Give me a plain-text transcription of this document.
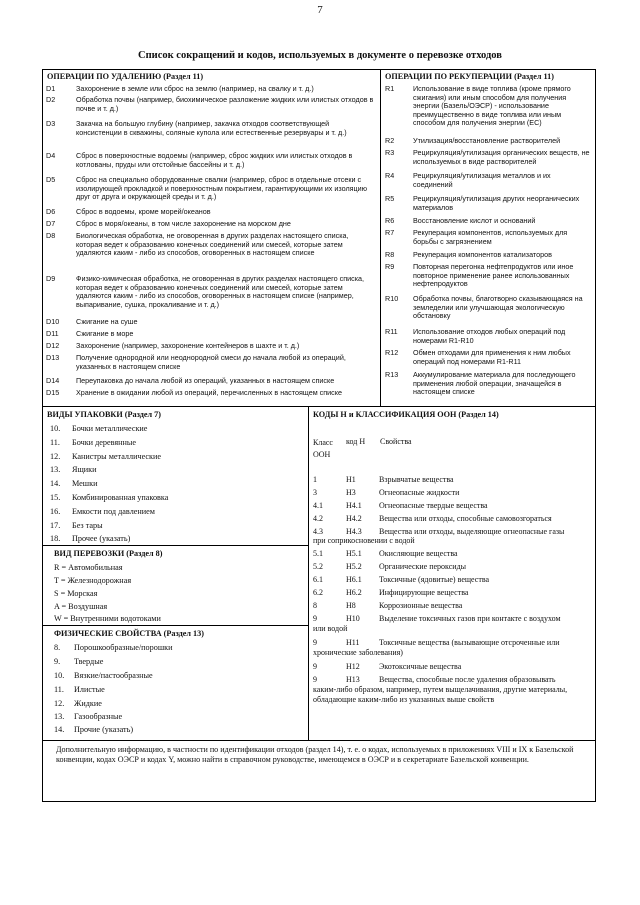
7
Список сокращений и кодов, используемых в документе о перевозке отходов
ОПЕРАЦИИ ПО УДАЛЕНИЮ (Раздел 11)
D1	Захоронение в земле или сброс на землю (например, на свалку и т. д.)
D2	Обработка почвы (например, биохимическое разложение жидких или илистых отходов в почве и т. д.)
D3	Закачка на большую глубину (например, закачка отходов соответствующей консистенции в скважины, соляные купола или естественные резервуары и т. д.)
D4	Сброс в поверхностные водоемы (например, сброс жидких или илистых отходов в котлованы, пруды или отстойные бассейны и т. д.)
D5	Сброс на специально оборудованные свалки (например, сброс в отдельные отсеки с изолирующей прокладкой и поверхностным покрытием, гарантирующими их изоляцию друг от друга и окружающей среды и т. д.)
D6	Сброс в водоемы, кроме морей/океанов
D7	Сброс в моря/океаны, в том числе захоронение на морском дне
D8	Биологическая обработка, не оговоренная в других разделах настоящего списка, которая ведет к образованию конечных соединений или смесей, которые затем удаляются каким - либо из способов, оговоренных в настоящем списке
D9	Физико-химическая обработка, не оговоренная в других разделах настоящего списка, которая ведет к образованию конечных соединений или смесей, которые затем удаляются каким - либо из способов, оговоренных в настоящем списке (например, выпаривание, сушка, прокаливание и т. д.)
D10 Сжигание на суше
D11 Сжигание в море
D12 Захоронение (например, захоронение контейнеров в шахте и т. д.)
D13 Получение однородной или неоднородной смеси до начала любой из операций, указанных в настоящем списке
D14 Переупаковка до начала любой из операций, указанных в настоящем списке
D15 Хранение в ожидании любой из операций, перечисленных в настоящем списке
ОПЕРАЦИИ ПО РЕКУПЕРАЦИИ (Раздел 11)
R1	Использование в виде топлива (кроме прямого сжигания) или иным способом для получения энергии (Базель/ОЭСР) - использование преимущественно в виде топлива или иным способом для получения энергии (ЕС)
R2	Утилизация/восстановление растворителей
R3	Рециркуляция/утилизация органических веществ, не используемых в виде растворителей
R4	Рециркуляция/утилизация металлов и их соединений
R5	Рециркуляция/утилизация других неорганических материалов
R6	Восстановление кислот и оснований
R7	Рекуперация компонентов, используемых для борьбы с загрязнением
R8	Рекуперация компонентов катализаторов
R9	Повторная перегонка нефтепродуктов или иное повторное применение ранее использованных нефтепродуктов
R10 Обработка почвы, благотворно сказывающаяся на земледелии или улучшающая экологическую обстановку
R11 Использование отходов любых операций под номерами R1-R10
R12 Обмен отходами для применения к ним любых операций под номерами R1-R11
R13 Аккумулирование материала для последующего применения любой операции, значащейся в настоящем списке
ВИДЫ УПАКОВКИ (Раздел 7)
10. Бочки металлические
11. Бочки деревянные
12. Канистры металлические
13. Ящики
14. Мешки
15. Комбинированная упаковка
16. Емкости под давлением
17. Без тары
18. Прочее (указать)
ВИД ПЕРЕВОЗКИ (Раздел 8)
R = Автомобильная
T = Железнодорожная
S = Морская
A = Воздушная
W = Внутренними водотоками
ФИЗИЧЕСКИЕ СВОЙСТВА (Раздел 13)
8. Порошкообразные/порошки
9. Твердые
10. Вязкие/пастообразные
11. Илистые
12. Жидкие
13. Газообразные
14. Прочие (указать)
КОДЫ H и КЛАССИФИКАЦИЯ ООН (Раздел 14)
Класс
ООН
код H Свойства
1	H1	Взрывчатые вещества
3	H3	Огнеопасные жидкости
4.1	H4.1 Огнеопасные твердые вещества
4.2	H4.2 Вещества или отходы, способные самовозгораться
4.3	H4.3 Вещества или отходы, выделяющие огнеопасные газы
при соприкосновении с водой
5.1	H5.1 Окисляющие вещества
5.2	H5.2 Органические пероксиды
6.1	H6.1 Токсичные (ядовитые) вещества
6.2	H6.2 Инфицирующие вещества
8	H8	Коррозионные вещества
9	H10 Выделение токсичных газов при контакте с воздухом
или водой
9	H11 Токсичные вещества (вызывающие отсроченные или
хронические заболевания)
9	H12 Экотоксичные вещества
9	H13 Вещества, способные после удаления образовывать
каким-либо образом, например, путем выщелачивания, другие материалы, обладающие каким-либо из указанных выше свойств
Дополнительную информацию, в частности по идентификации отходов (раздел 14), т. е. о кодах, используемых в приложениях VIII и IX к Базельской конвенции, кодах ОЭСР и кодах Y, можно найти в справочном руководстве, имеющемся в ОЭСР и в секретариате Базельской конвенции.
